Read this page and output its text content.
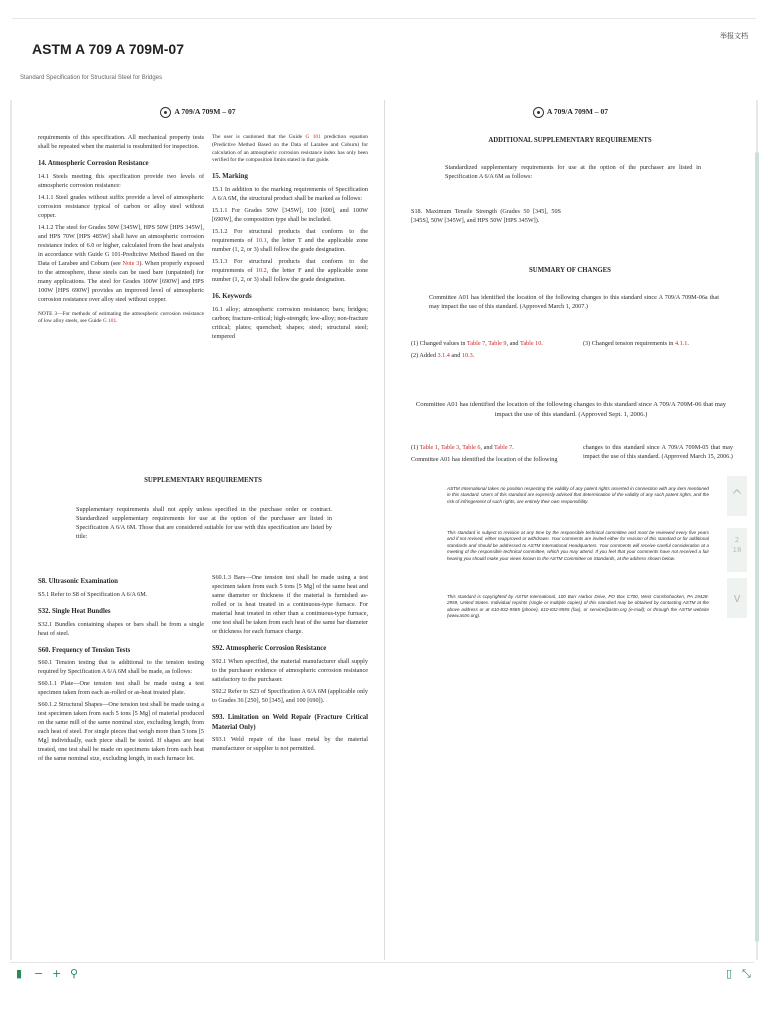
ASTM A 709 A 709M-07
Standard Specification for Structural Steel for Bridges
举报文档
A 709/A 709M – 07

requirements of this specification. All mechanical property tests shall be repeated when the material is resubmitted for inspection.

14. Atmospheric Corrosion Resistance

14.1 Steels meeting this specification provide two levels of atmospheric corrosion resistance:

14.1.1 Steel grades without suffix provide a level of atmospheric corrosion resistance typical of carbon or alloy steel without copper.

14.1.2 The steel for Grades 50W [345W], HPS 50W [HPS 345W], and HPS 70W [HPS 485W] shall have an atmospheric corrosion resistance index of 6.0 or higher, calculated from the heat analysis in accordance with Guide G 101-Predictive Method Based on the Data of Larabee and Coburn (see Note 3). When properly exposed to the atmosphere, these steels can be used bare (unpainted) for many applications. The steel for Grades 100W [690W] and HPS 100W [HPS 690W] provides an improved level of atmospheric corrosion resistance over alloy steel without copper.

NOTE 3—For methods of estimating the atmospheric corrosion resistance of low alloy steels, see Guide G 101.

The user is cautioned that the Guide G 101 prediction equation (Predictive Method Based on the Data of Larabee and Coburn) for calculation of an atmospheric corrosion resistance index has only been verified for the composition limits stated in that guide.

15. Marking

15.1 In addition to the marking requirements of Specification A 6/A 6M, the structural product shall be marked as follows:

15.1.1 For Grades 50W [345W], 100 [690], and 100W [690W], the composition type shall be included.

15.1.2 For structural products that conform to the requirements of 10.1, the letter T and the applicable zone number (1, 2, or 3) shall follow the grade designation.

15.1.3 For structural products that conform to the requirements of 10.2, the letter F and the applicable zone number (1, 2, or 3) shall follow the grade designation.

16. Keywords

16.1 alloy; atmospheric corrosion resistance; bars; bridges; carbon; fracture-critical; high-strength; low-alloy; non-fracture critical; plates; quenched; shapes; steel; structural steel; tempered

SUPPLEMENTARY REQUIREMENTS
Supplementary requirements shall not apply unless specified in the purchase order or contract. Standardized supplementary requirements for use at the option of the purchaser are listed in Specification A 6/A 6M. Those that are considered suitable for use with this specification are listed by title:
S8. Ultrasonic Examination

S5.1 Refer to S8 of Specification A 6/A 6M.

S32. Single Heat Bundles

S32.1 Bundles containing shapes or bars shall be from a single heat of steel.

S60. Frequency of Tension Tests

S60.1 Tension testing that is additional to the tension testing required by Specification A 6/A 6M shall be made, as follows:

S60.1.1 Plate—One tension test shall be made using a test specimen taken from each as-rolled or as-heat treated plate.

S60.1.2 Structural Shapes—One tension test shall be made using a test specimen taken from each 5 tons [5 Mg] of material produced on the same mill of the same nominal size, excluding length, from each heat of steel. For single pieces that weigh more than 5 tons [5 Mg] individually, each piece shall be tested. If shapes are heat treated, one test shall be made on specimens taken from each heat of the same nominal size, excluding length, in each furnace lot.

S60.1.3 Bars—One tension test shall be made using a test specimen taken from each 5 tons [5 Mg] of the same heat and same diameter or thickness if the material is furnished as-rolled or is heat treated in a continuous-type furnace. For material heat treated in other than a continuous-type furnace, one test shall be taken from each heat of the same bar diameter or thickness for each furnace charge.

S92. Atmospheric Corrosion Resistance

S92.1 When specified, the material manufacturer shall supply to the purchaser evidence of atmospheric corrosion resistance satisfactory to the purchaser.

S92.2 Refer to S23 of Specification A 6/A 6M (applicable only to Grades 36 [250], 50 [345], and 100 [690]).

S93. Limitation on Weld Repair (Fracture Critical Material Only)

S93.1 Weld repair of the base metal by the material manufacturer or supplier is not permitted.

A 709/A 709M – 07
ADDITIONAL SUPPLEMENTARY REQUIREMENTS
Standardized supplementary requirements for use at the option of the purchaser are listed in Specification A 6/A 6M as follows:
S18. Maximum Tensile Strength (Grades 50 [345], 50S [345S], 50W [345W], and HPS 50W [HPS 345W]).
SUMMARY OF CHANGES
Committee A01 has identified the location of the following changes to this standard since A 709/A 709M-06a that may impact the use of this standard. (Approved March 1, 2007.)

(1) Changed values in Table 7, Table 9, and Table 10.

(2) Added 3.1.4 and 10.3.

(3) Changed tension requirements in 4.1.1.

Committee A01 has identified the location of the following changes to this standard since A 709/A 709M-06 that may impact the use of this standard. (Approved Sept. 1, 2006.)

(1) Table 1, Table 3, Table 6, and Table 7.

Committee A01 has identified the location of the following

changes to this standard since A 709/A 709M-05 that may impact the use of this standard. (Approved March 15, 2006.)
ASTM International takes no position respecting the validity of any patent rights asserted in connection with any item mentioned in this standard. Users of this standard are expressly advised that determination of the validity of any such patent rights, and the risk of infringement of such rights, are entirely their own responsibility.
This standard is subject to revision at any time by the responsible technical committee and must be reviewed every five years and if not revised, either reapproved or withdrawn. Your comments are invited either for revision of this standard or for additional standards and should be addressed to ASTM International Headquarters. Your comments will receive careful consideration at a meeting of the responsible technical committee, which you may attend. If you feel that your comments have not received a fair hearing you should make your views known to the ASTM Committee on Standards, at the address shown below.
This standard is copyrighted by ASTM International, 100 Barr Harbor Drive, PO Box C700, West Conshohocken, PA 19428-2959, United States. Individual reprints (single or multiple copies) of this standard may be obtained by contacting ASTM at the above address or at 610-832-9585 (phone), 610-832-9555 (fax), or service@astm.org (e-mail); or through the ASTM website (www.astm.org).
^
2
18
v
▮ − + ⚲	▯ ⤡
